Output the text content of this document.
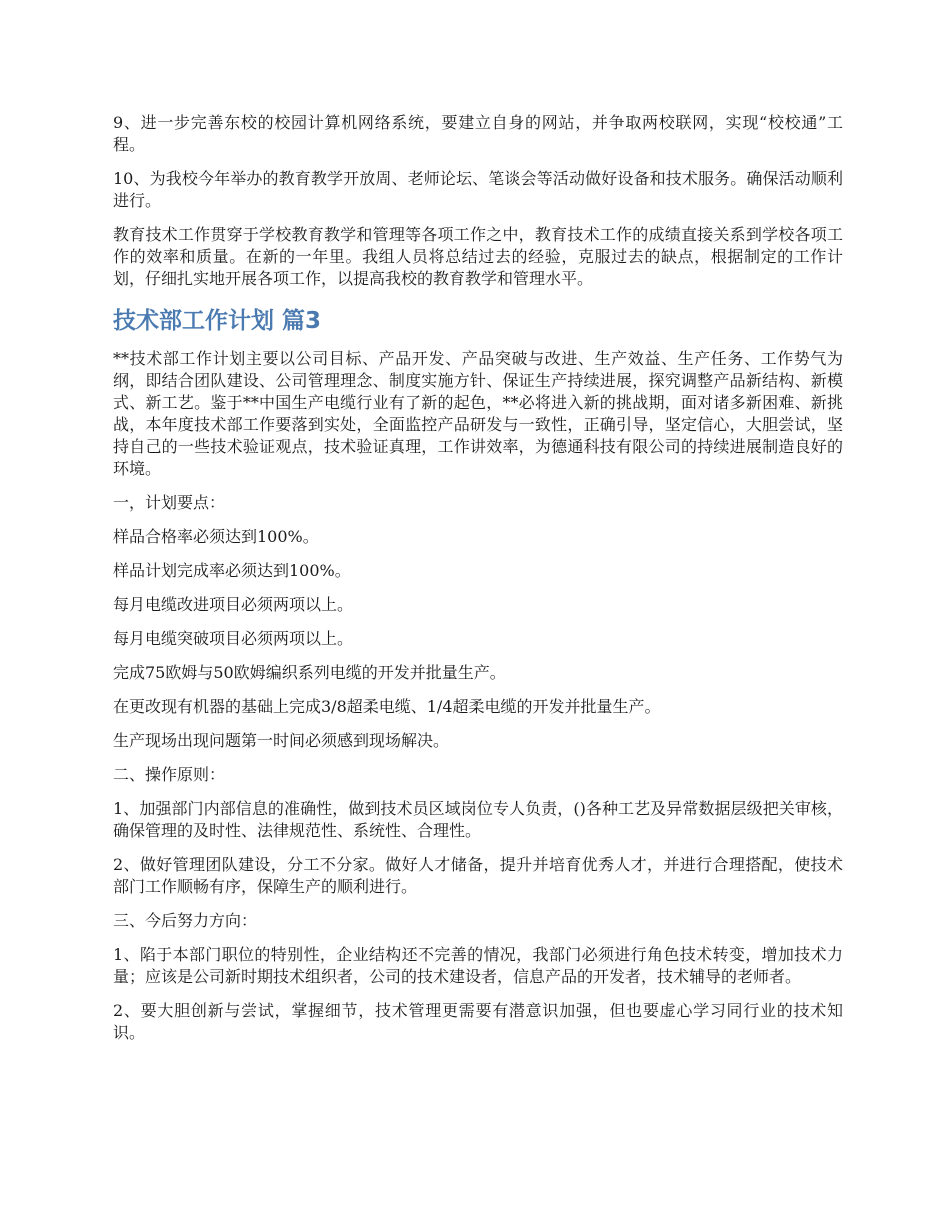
9、进一步完善东校的校园计算机网络系统，要建立自身的网站，并争取两校联网，实现“校校通”工程。

10、为我校今年举办的教育教学开放周、老师论坛、笔谈会等活动做好设备和技术服务。确保活动顺利进行。

教育技术工作贯穿于学校教育教学和管理等各项工作之中，教育技术工作的成绩直接关系到学校各项工作的效率和质量。在新的一年里。我组人员将总结过去的经验，克服过去的缺点，根据制定的工作计划，仔细扎实地开展各项工作，以提高我校的教育教学和管理水平。

技术部工作计划 篇3

**技术部工作计划主要以公司目标、产品开发、产品突破与改进、生产效益、生产任务、工作势气为纲，即结合团队建设、公司管理理念、制度实施方针、保证生产持续进展，探究调整产品新结构、新模式、新工艺。鉴于**中国生产电缆行业有了新的起色，**必将进入新的挑战期，面对诸多新困难、新挑战，本年度技术部工作要落到实处，全面监控产品研发与一致性，正确引导，坚定信心，大胆尝试，坚持自己的一些技术验证观点，技术验证真理，工作讲效率，为德通科技有限公司的持续进展制造良好的环境。

一，计划要点：

样品合格率必须达到100%。

样品计划完成率必须达到100%。

每月电缆改进项目必须两项以上。

每月电缆突破项目必须两项以上。

完成75欧姆与50欧姆编织系列电缆的开发并批量生产。

在更改现有机器的基础上完成3/8超柔电缆、1/4超柔电缆的开发并批量生产。

生产现场出现问题第一时间必须感到现场解决。

二、操作原则：

1、加强部门内部信息的准确性，做到技术员区域岗位专人负责，()各种工艺及异常数据层级把关审核，确保管理的及时性、法律规范性、系统性、合理性。

2、做好管理团队建设，分工不分家。做好人才储备，提升并培育优秀人才，并进行合理搭配，使技术部门工作顺畅有序，保障生产的顺利进行。

三、今后努力方向：

1、陷于本部门职位的特别性，企业结构还不完善的情况，我部门必须进行角色技术转变，增加技术力量；应该是公司新时期技术组织者，公司的技术建设者，信息产品的开发者，技术辅导的老师者。

2、要大胆创新与尝试，掌握细节，技术管理更需要有潜意识加强，但也要虚心学习同行业的技术知识。
